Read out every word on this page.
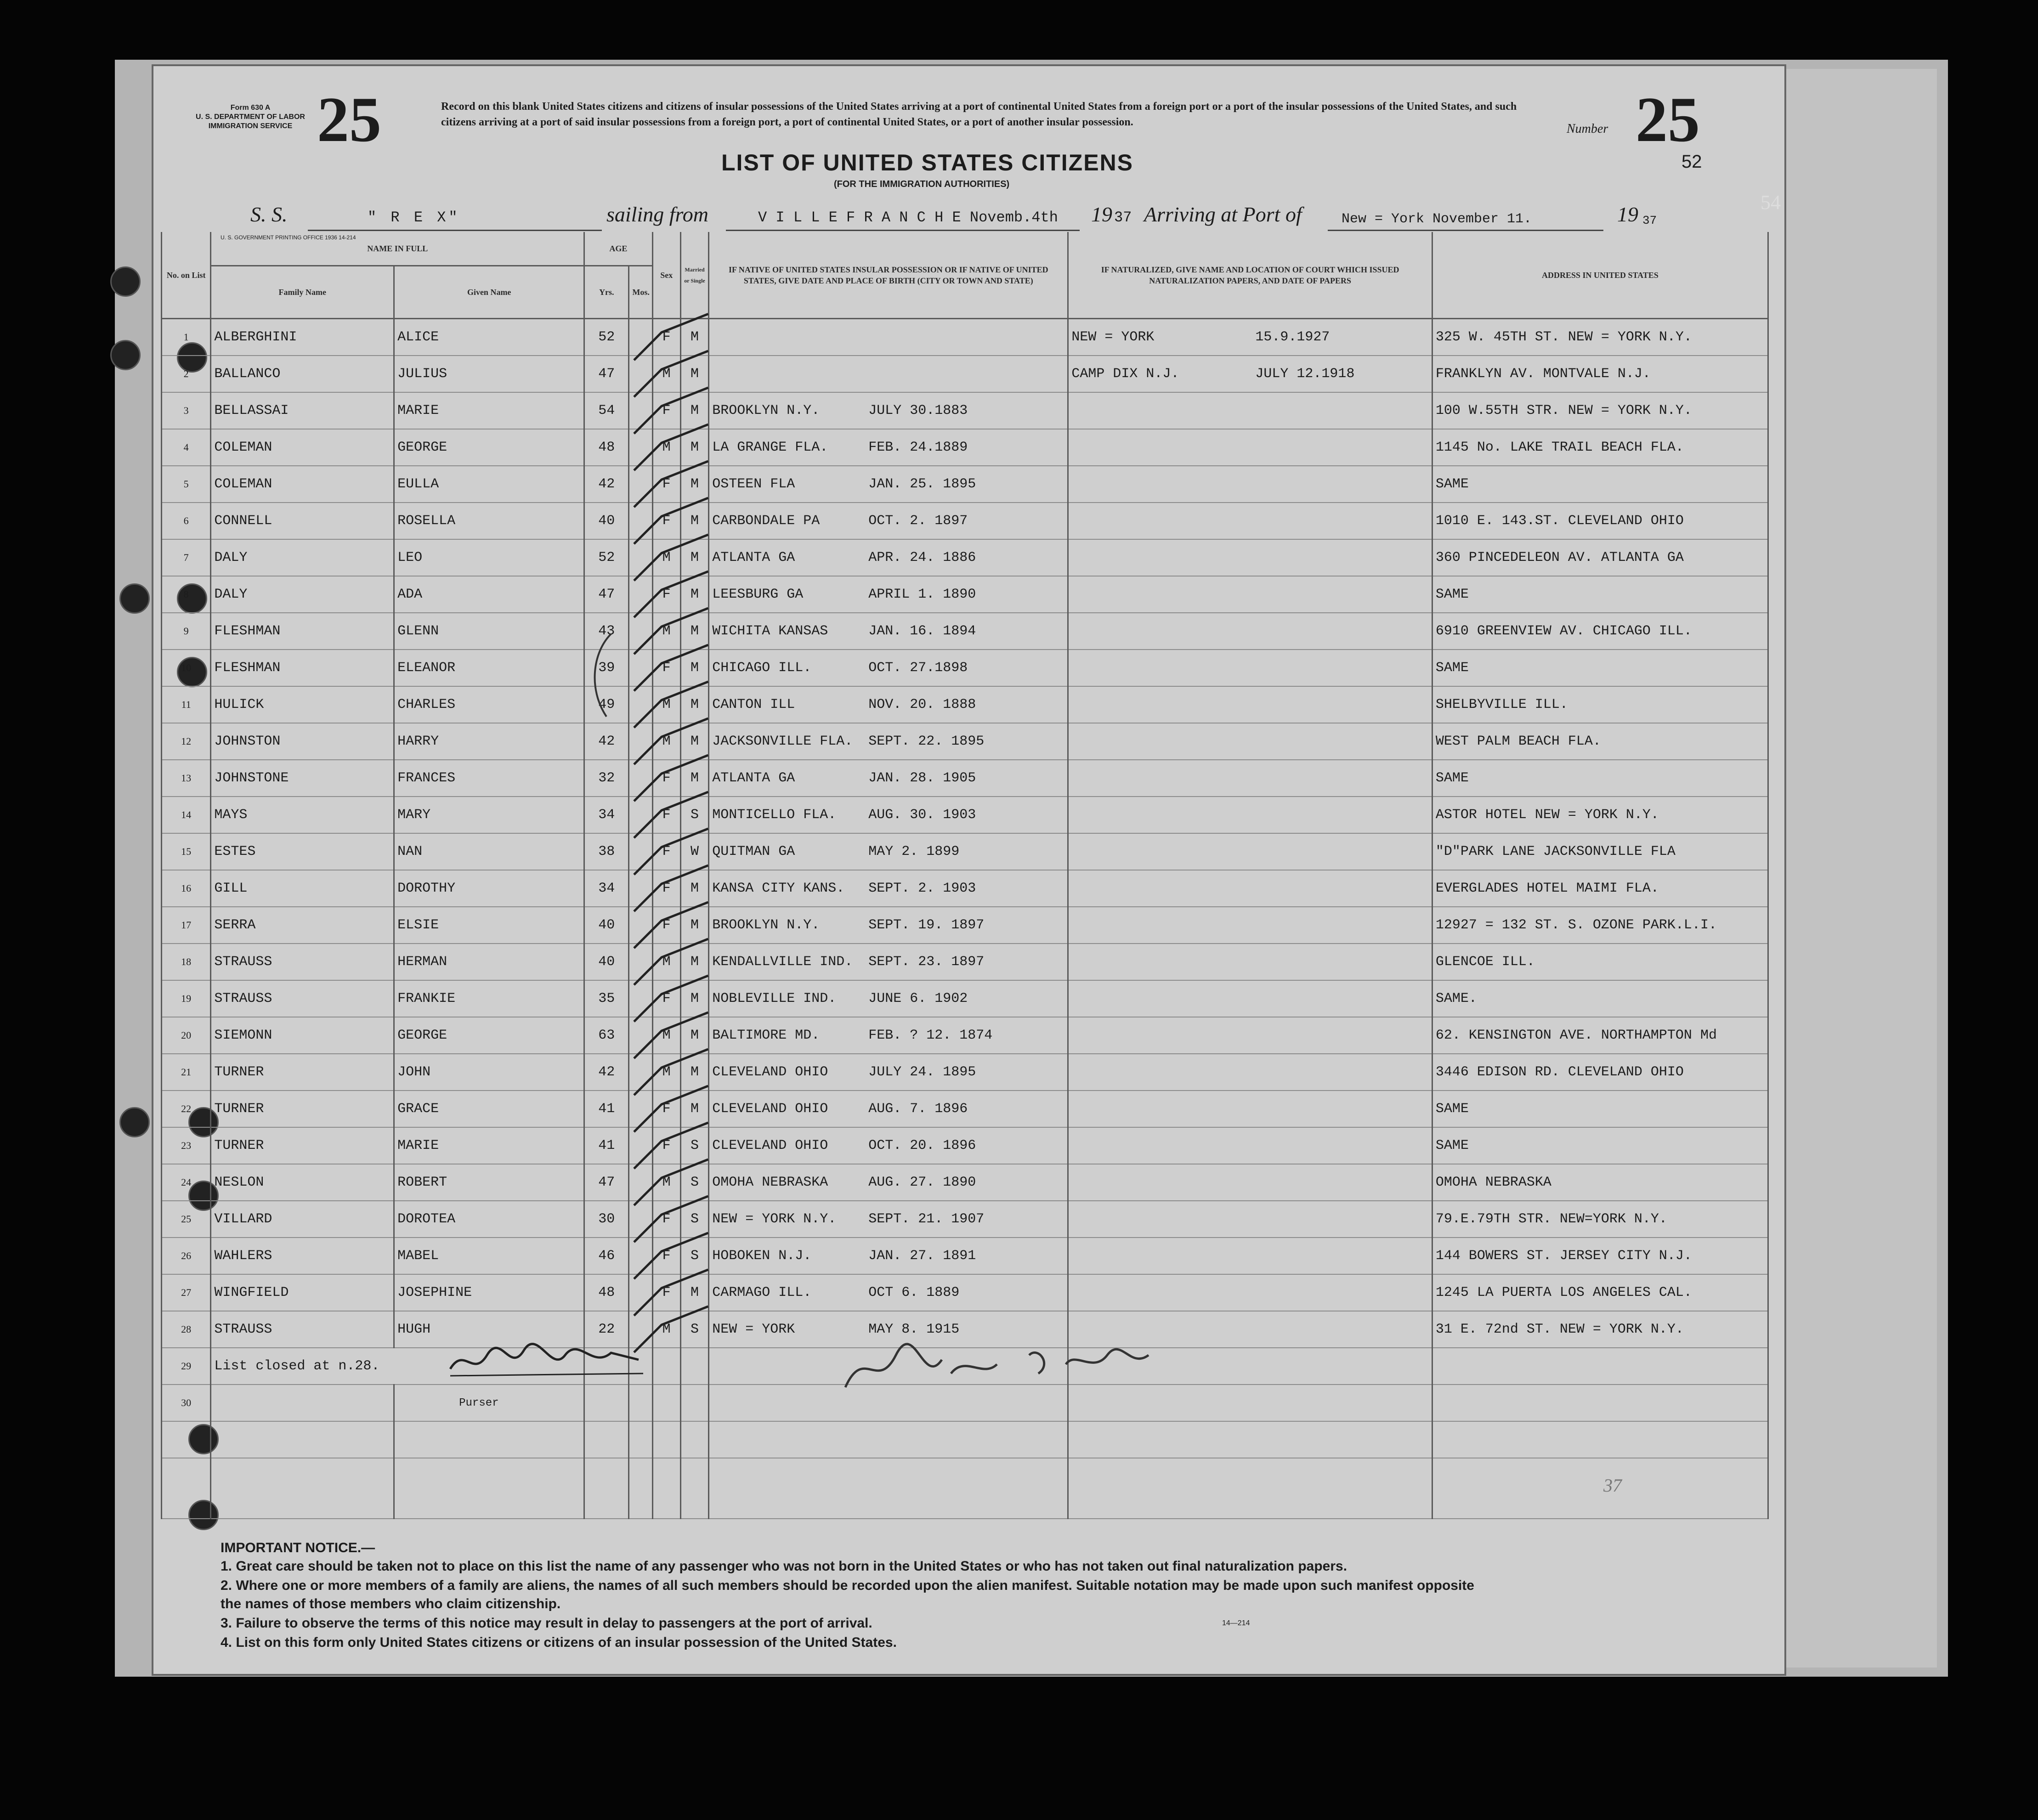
54
Form 630 A
U. S. DEPARTMENT OF LABOR
IMMIGRATION SERVICE 25	Record on this blank United States citizens and citizens of insular possessions of the United States arriving at a port of continental United States from a foreign port or a port of the insular possessions of the United States, and such citizens arriving at a port of said insular possessions from a foreign port, a port of continental United States, or a port of another insular possession.	Number 25
52
LIST OF UNITED STATES CITIZENS
(FOR THE IMMIGRATION AUTHORITIES)
S. S.	" R E X"	sailing from	V I L L E F R A N C H E Novemb.4th 19 37 Arriving at Port of	New = York November 11.	19 37
U. S. GOVERNMENT PRINTING OFFICE 1936 14-214
No. on List	NAME IN FULL		AGE		Sex	Married or Single	IF NATIVE OF UNITED STATES INSULAR POSSESSION OR IF NATIVE OF UNITED STATES, GIVE DATE AND PLACE OF BIRTH (CITY OR TOWN AND STATE)	IF NATURALIZED, GIVE NAME AND LOCATION OF COURT WHICH ISSUED NATURALIZATION PAPERS, AND DATE OF PAPERS	ADDRESS IN UNITED STATES
	Family Name	Given Name	Yrs.	Mos.					
1	ALBERGHINI	ALICE	52		F	M		NEW = YORK 15.9.1927	325 W. 45TH ST. NEW = YORK N.Y.
2	BALLANCO	JULIUS	47		M	M		CAMP DIX N.J. JULY 12.1918	FRANKLYN AV. MONTVALE N.J.
3	BELLASSAI	MARIE	54		F	M	BROOKLYN N.Y. JULY 30.1883		100 W.55TH STR. NEW = YORK N.Y.
4	COLEMAN	GEORGE	48		M	M	LA GRANGE FLA. FEB. 24.1889		1145 No. LAKE TRAIL BEACH FLA.
5	COLEMAN	EULLA	42		F	M	OSTEEN FLA JAN. 25. 1895		SAME
6	CONNELL	ROSELLA	40		F	M	CARBONDALE PA OCT. 2. 1897		1010 E. 143.ST. CLEVELAND OHIO
7	DALY	LEO	52		M	M	ATLANTA GA APR. 24. 1886		360 PINCEDELEON AV. ATLANTA GA
8	DALY	ADA	47		F	M	LEESBURG GA APRIL 1. 1890		SAME
9	FLESHMAN	GLENN	43		M	M	WICHITA KANSAS JAN. 16. 1894		6910 GREENVIEW AV. CHICAGO ILL.
10	FLESHMAN	ELEANOR	39		F	M	CHICAGO ILL. OCT. 27.1898		SAME
11	HULICK	CHARLES	49		M	M	CANTON ILL NOV. 20. 1888		SHELBYVILLE ILL.
12	JOHNSTON	HARRY	42		M	M	JACKSONVILLE FLA. SEPT. 22. 1895		WEST PALM BEACH FLA.
13	JOHNSTONE	FRANCES	32		F	M	ATLANTA GA JAN. 28. 1905		SAME
14	MAYS	MARY	34		F	S	MONTICELLO FLA. AUG. 30. 1903		ASTOR HOTEL NEW = YORK N.Y.
15	ESTES	NAN	38		F	W	QUITMAN GA MAY 2. 1899		"D"PARK LANE JACKSONVILLE FLA
16	GILL	DOROTHY	34		F	M	KANSA CITY KANS. SEPT. 2. 1903		EVERGLADES HOTEL MAIMI FLA.
17	SERRA	ELSIE	40		F	M	BROOKLYN N.Y. SEPT. 19. 1897		12927 = 132 ST. S. OZONE PARK.L.I.
18	STRAUSS	HERMAN	40		M	M	KENDALLVILLE IND. SEPT. 23. 1897		GLENCOE ILL.
19	STRAUSS	FRANKIE	35		F	M	NOBLEVILLE IND. JUNE 6. 1902		SAME.
20	SIEMONN	GEORGE	63		M	M	BALTIMORE MD. FEB. ? 12. 1874		62. KENSINGTON AVE. NORTHAMPTON Md
21	TURNER	JOHN	42		M	M	CLEVELAND OHIO JULY 24. 1895		3446 EDISON RD. CLEVELAND OHIO
22	TURNER	GRACE	41		F	M	CLEVELAND OHIO AUG. 7. 1896		SAME
23	TURNER	MARIE	41		F	S	CLEVELAND OHIO OCT. 20. 1896		SAME
24	NESLON	ROBERT	47		M	S	OMOHA NEBRASKA AUG. 27. 1890		OMOHA NEBRASKA
25	VILLARD	DOROTEA	30		F	S	NEW = YORK N.Y. SEPT. 21. 1907		79.E.79TH STR. NEW=YORK N.Y.
26	WAHLERS	MABEL	46		F	S	HOBOKEN N.J. JAN. 27. 1891		144 BOWERS ST. JERSEY CITY N.J.
27	WINGFIELD	JOSEPHINE	48		F	M	CARMAGO ILL. OCT 6. 1889		1245 LA PUERTA LOS ANGELES CAL.
28	STRAUSS	HUGH	22		M	S	NEW = YORK MAY 8. 1915		31 E. 72nd ST. NEW = YORK N.Y.
29	List closed at n.28.								
30		Purser							

37
IMPORTANT NOTICE.—
1. Great care should be taken not to place on this list the name of any passenger who was not born in the United States or who has not taken out final naturalization papers.
2. Where one or more members of a family are aliens, the names of all such members should be recorded upon the alien manifest. Suitable notation may be made upon such manifest opposite the names of those members who claim citizenship.
3. Failure to observe the terms of this notice may result in delay to passengers at the port of arrival.
4. List on this form only United States citizens or citizens of an insular possession of the United States.
14—214
